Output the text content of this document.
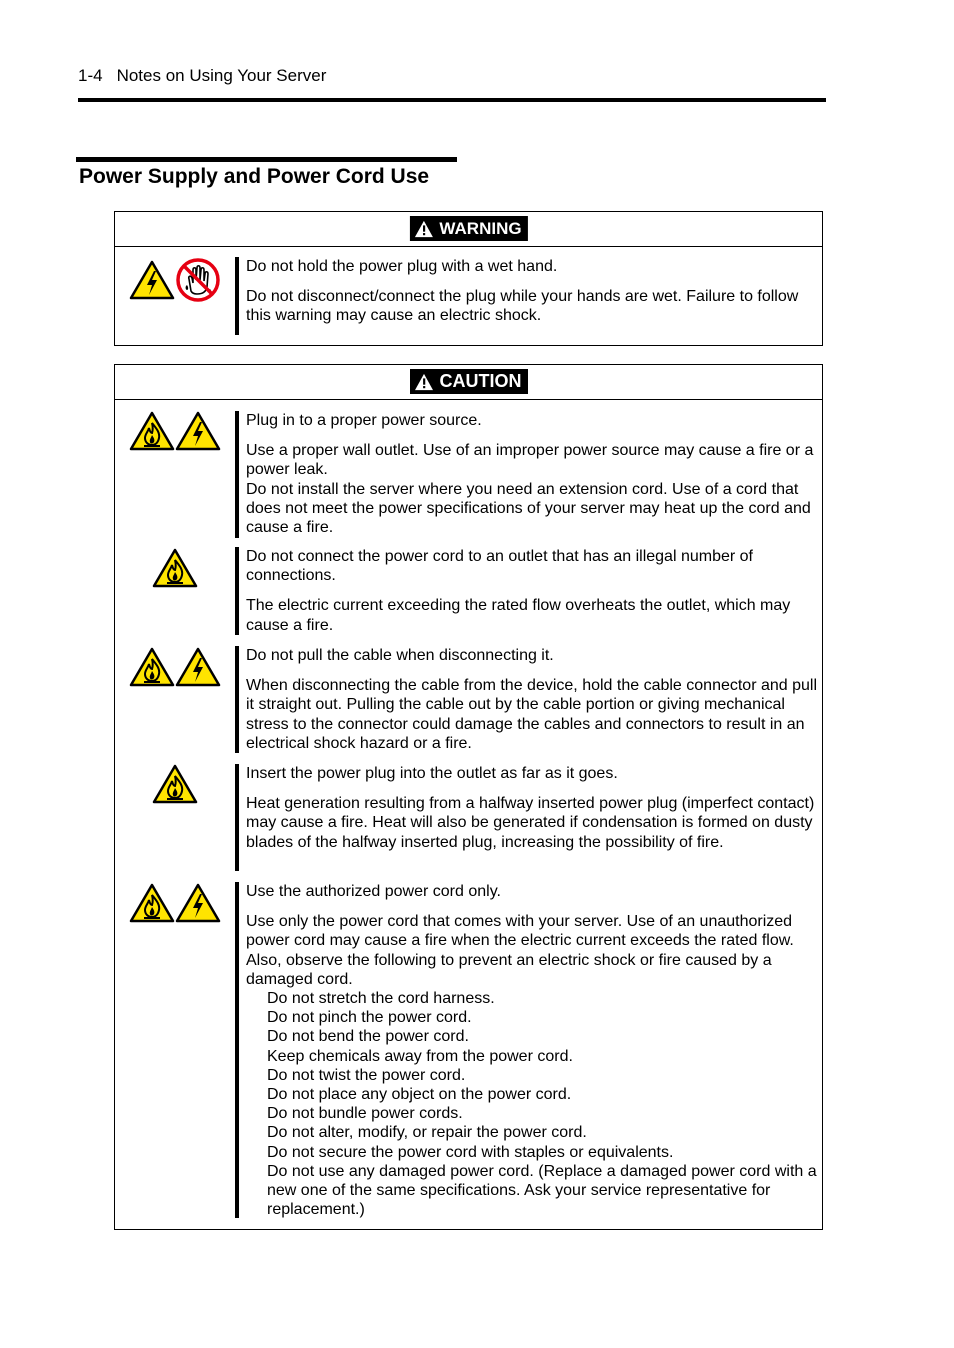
1-4 Notes on Using Your Server
Power Supply and Power Cord Use
WARNING

Do not hold the power plug with a wet hand.

Do not disconnect/connect the plug while your hands are wet. Failure to follow this warning may cause an electric shock.

CAUTION

Plug in to a proper power source.

Use a proper wall outlet. Use of an improper power source may cause a fire or a power leak.

Do not install the server where you need an extension cord. Use of a cord that does not meet the power specifications of your server may heat up the cord and cause a fire.

Do not connect the power cord to an outlet that has an illegal number of connections.

The electric current exceeding the rated flow overheats the outlet, which may cause a fire.

Do not pull the cable when disconnecting it.

When disconnecting the cable from the device, hold the cable connector and pull it straight out. Pulling the cable out by the cable portion or giving mechanical stress to the connector could damage the cables and connectors to result in an electrical shock hazard or a fire.

Insert the power plug into the outlet as far as it goes.

Heat generation resulting from a halfway inserted power plug (imperfect contact) may cause a fire. Heat will also be generated if condensation is formed on dusty blades of the halfway inserted plug, increasing the possibility of fire.

Use the authorized power cord only.

Use only the power cord that comes with your server. Use of an unauthorized power cord may cause a fire when the electric current exceeds the rated flow. Also, observe the following to prevent an electric shock or fire caused by a damaged cord.

Do not stretch the cord harness.
Do not pinch the power cord.
Do not bend the power cord.
Keep chemicals away from the power cord.
Do not twist the power cord.
Do not place any object on the power cord.
Do not bundle power cords.
Do not alter, modify, or repair the power cord.
Do not secure the power cord with staples or equivalents.
Do not use any damaged power cord. (Replace a damaged power cord with a new one of the same specifications. Ask your service representative for replacement.)
